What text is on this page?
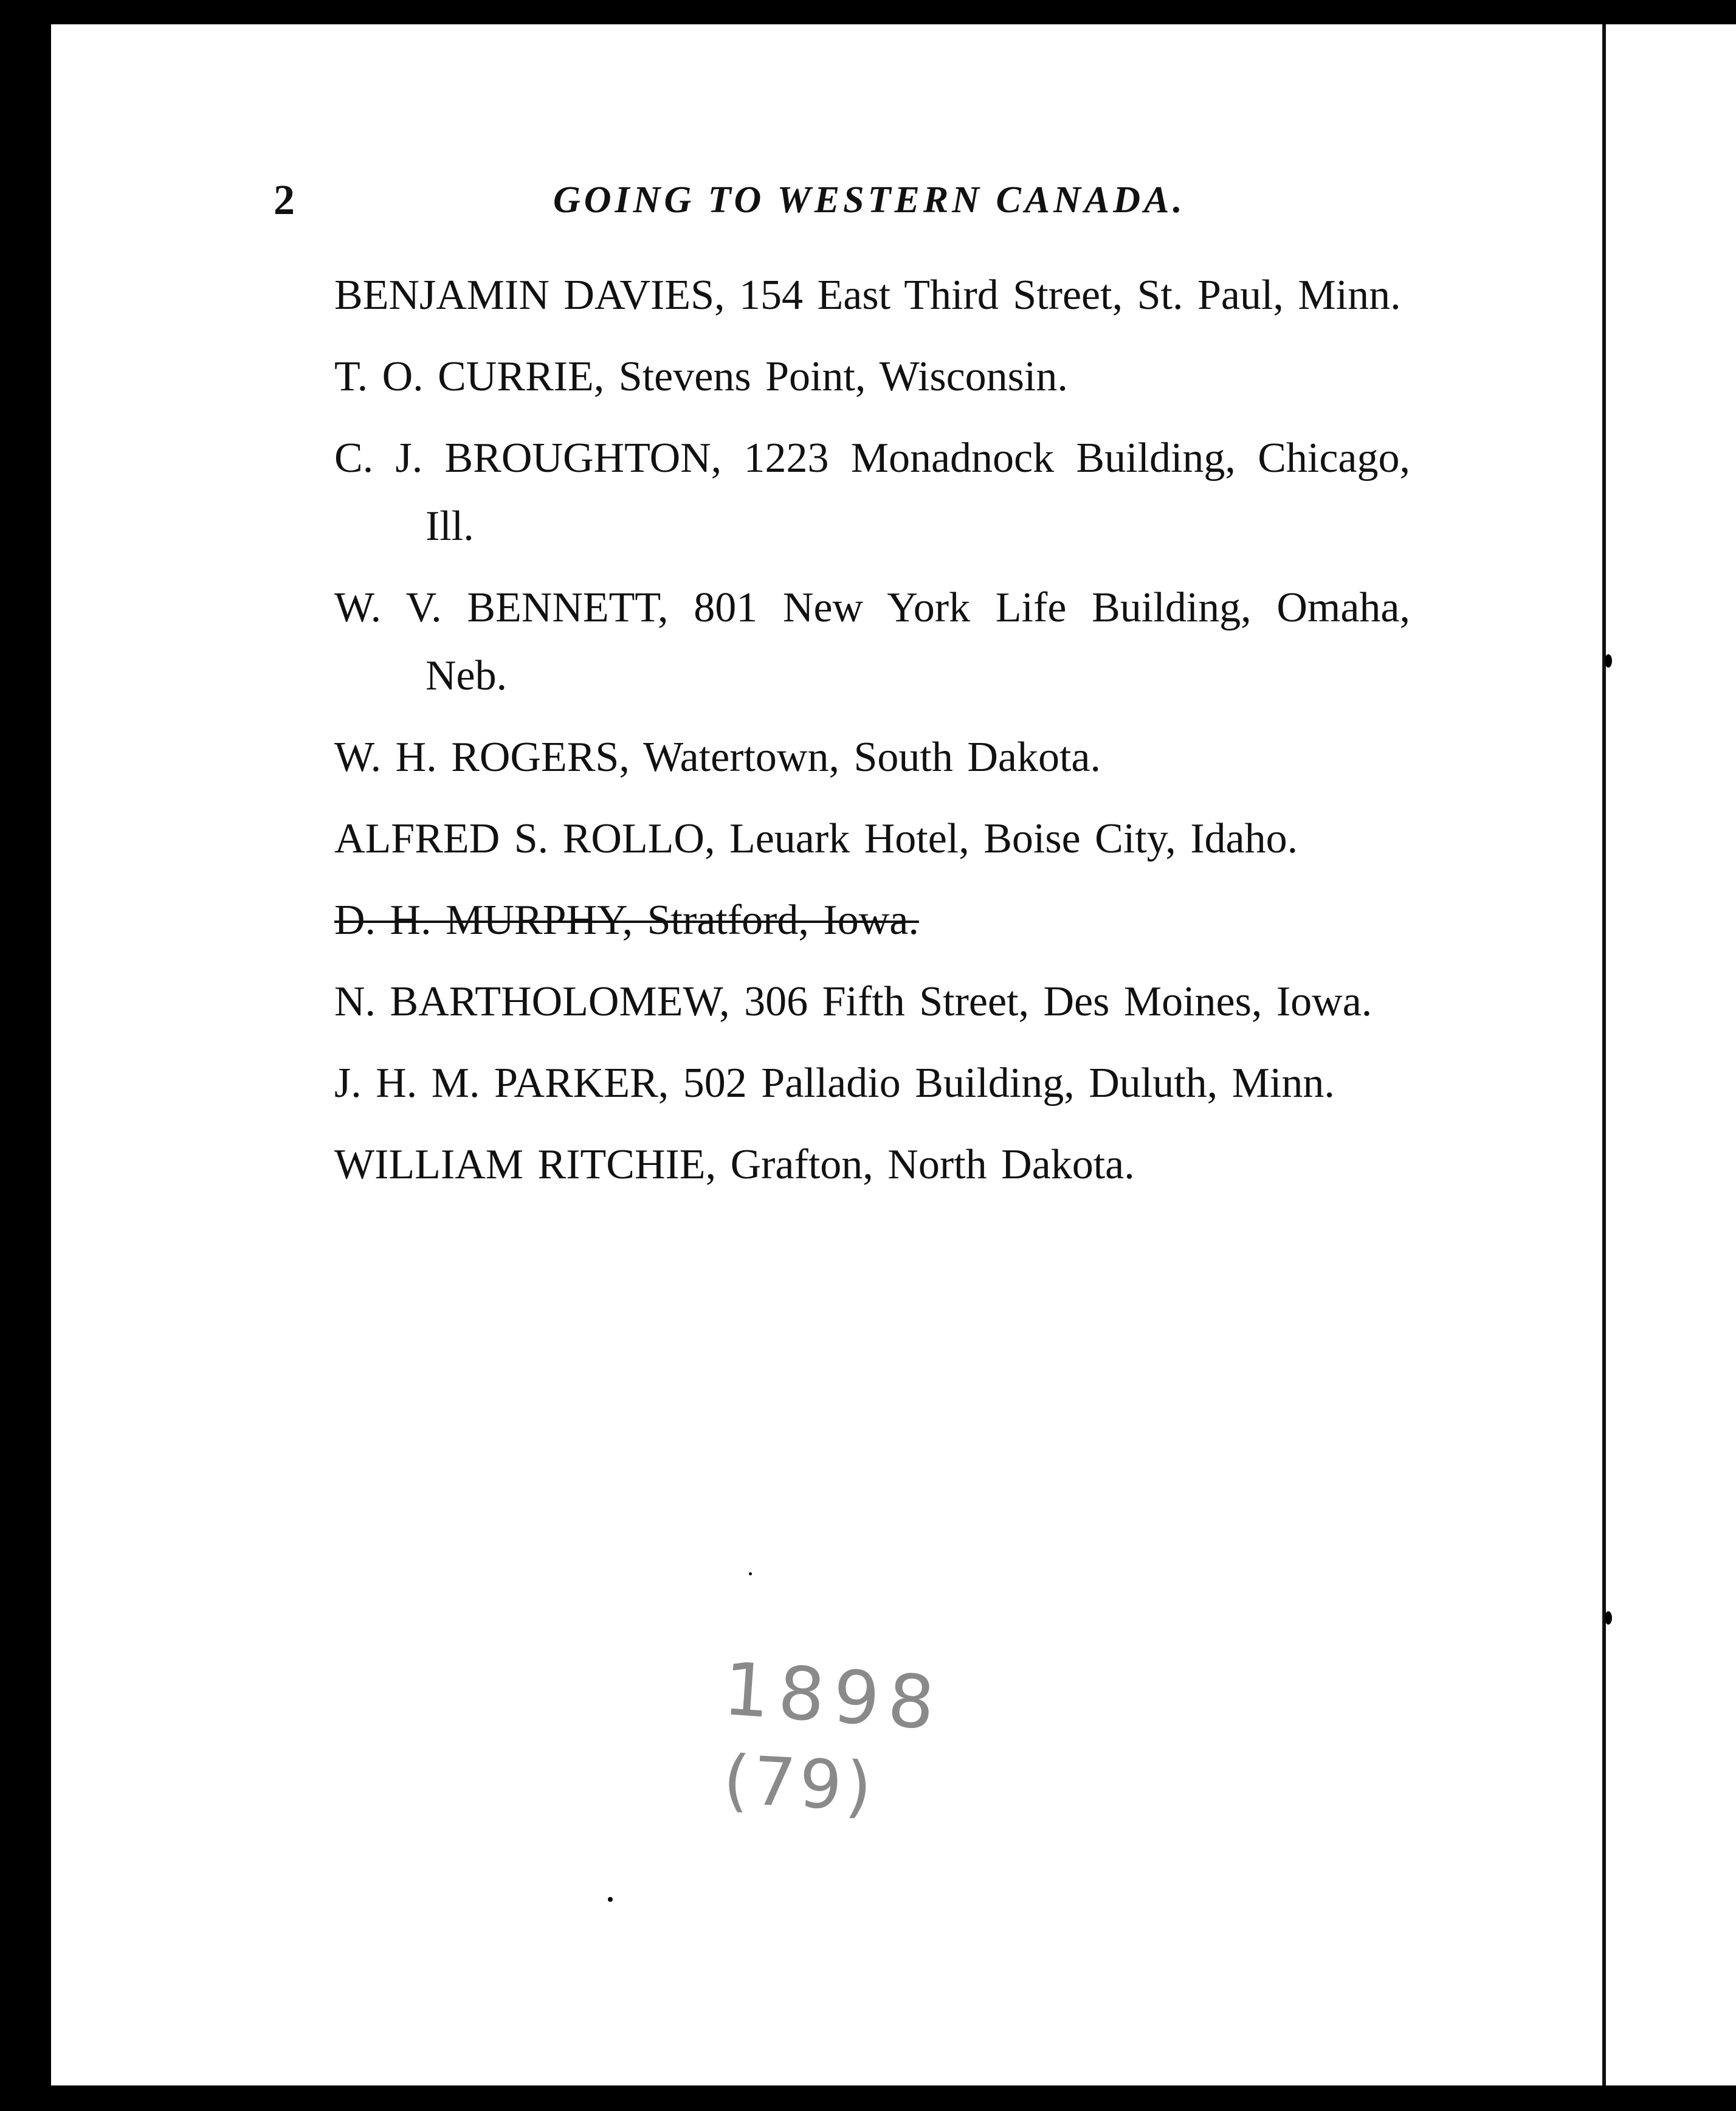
2	GOING TO WESTERN CANADA.
BENJAMIN DAVIES, 154 East Third Street, St. Paul, Minn.
T. O. CURRIE, Stevens Point, Wisconsin.
C. J. BROUGHTON, 1223 Monadnock Building, Chicago, Ill.
W. V. BENNETT, 801 New York Life Building, Omaha, Neb.
W. H. ROGERS, Watertown, South Dakota.
ALFRED S. ROLLO, Leuark Hotel, Boise City, Idaho.
D. H. MURPHY, Stratford, Iowa.
N. BARTHOLOMEW, 306 Fifth Street, Des Moines, Iowa.
J. H. M. PARKER, 502 Palladio Building, Duluth, Minn.
WILLIAM RITCHIE, Grafton, North Dakota.
1898
(79)
